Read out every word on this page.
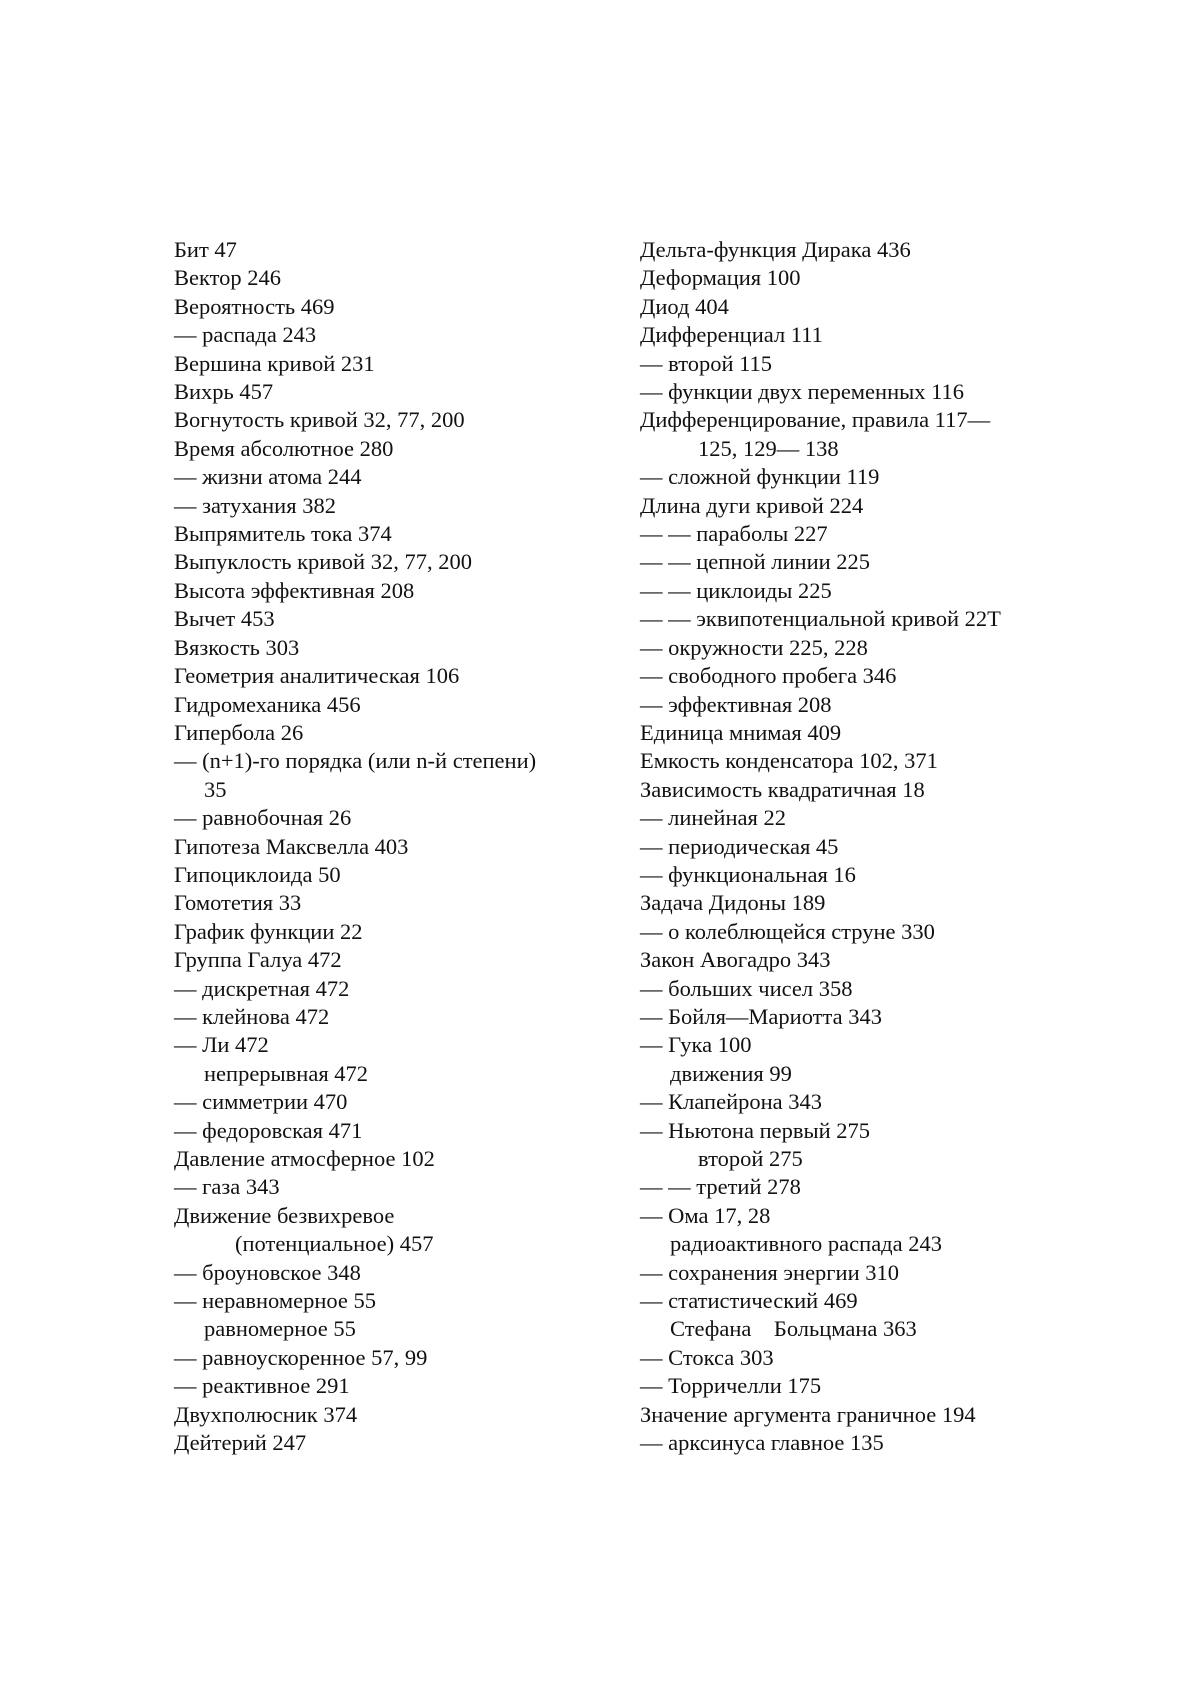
Бит 47
Вектор 246
Вероятность 469
— распада 243
Вершина кривой 231
Вихрь 457
Вогнутость кривой 32, 77, 200
Время абсолютное 280
— жизни атома 244
— затухания 382
Выпрямитель тока 374
Выпуклость кривой 32, 77, 200
Высота эффективная 208
Вычет 453
Вязкость 303
Геометрия аналитическая 106
Гидромеханика 456
Гипербола 26
— (n+1)-го порядка (или n-й степени)
35
— равнобочная 26
Гипотеза Максвелла 403
Гипоциклоида 50
Гомотетия 33
График функции 22
Группа Галуа 472
— дискретная 472
— клейнова 472
— Ли 472
непрерывная 472
— симметрии 470
— федоровская 471
Давление атмосферное 102
— газа 343
Движение безвихревое
(потенциальное) 457
— броуновское 348
— неравномерное 55
равномерное 55
— равноускоренное 57, 99
— реактивное 291
Двухполюсник 374
Дейтерий 247
Дельта-функция Дирака 436
Деформация 100
Диод 404
Дифференциал 111
— второй 115
— функции двух переменных 116
Дифференцирование, правила 117—
125, 129— 138
— сложной функции 119
Длина дуги кривой 224
— — параболы 227
— — цепной линии 225
— — циклоиды 225
— — эквипотенциальной кривой 22Т
— окружности 225, 228
— свободного пробега 346
— эффективная 208
Единица мнимая 409
Емкость конденсатора 102, 371
Зависимость квадратичная 18
— линейная 22
— периодическая 45
— функциональная 16
Задача Дидоны 189
— о колеблющейся струне 330
Закон Авогадро 343
— больших чисел 358
— Бойля—Мариотта 343
— Гука 100
движения 99
— Клапейрона 343
— Ньютона первый 275
второй 275
— — третий 278
— Ома 17, 28
радиоактивного распада 243
— сохранения энергии 310
— статистический 469
Стефана    Больцмана 363
— Стокса 303
— Торричелли 175
Значение аргумента граничное 194
— арксинуса главное 135
